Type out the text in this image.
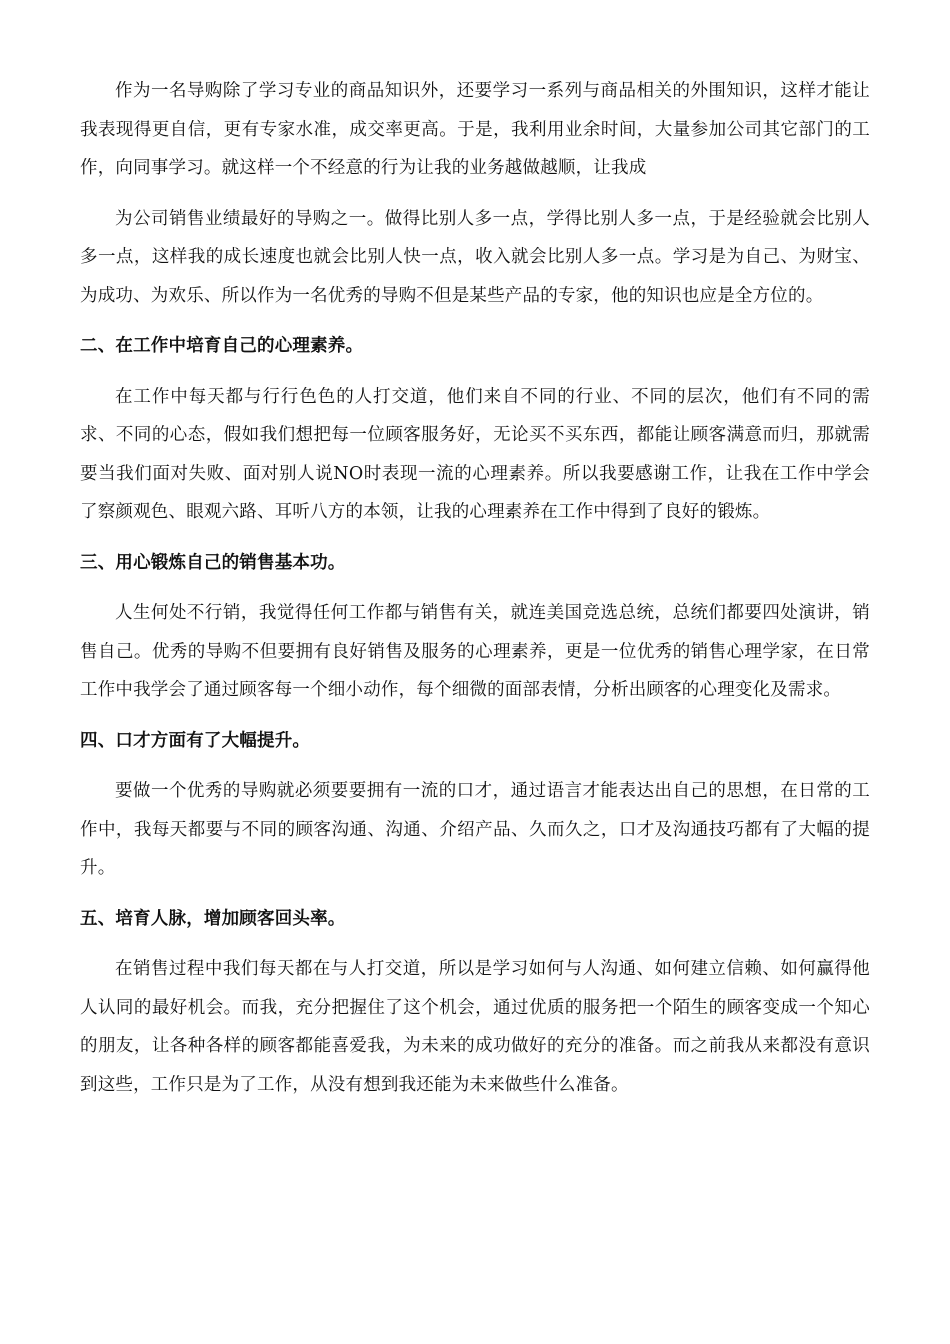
作为一名导购除了学习专业的商品知识外，还要学习一系列与商品相关的外围知识，这样才能让我表现得更自信，更有专家水准，成交率更高。于是，我利用业余时间，大量参加公司其它部门的工作，向同事学习。就这样一个不经意的行为让我的业务越做越顺，让我成

为公司销售业绩最好的导购之一。做得比别人多一点，学得比别人多一点，于是经验就会比别人多一点，这样我的成长速度也就会比别人快一点，收入就会比别人多一点。学习是为自己、为财宝、为成功、为欢乐、所以作为一名优秀的导购不但是某些产品的专家，他的知识也应是全方位的。

二、在工作中培育自己的心理素养。

在工作中每天都与行行色色的人打交道，他们来自不同的行业、不同的层次，他们有不同的需求、不同的心态，假如我们想把每一位顾客服务好，无论买不买东西，都能让顾客满意而归，那就需要当我们面对失败、面对别人说NO时表现一流的心理素养。所以我要感谢工作，让我在工作中学会了察颜观色、眼观六路、耳听八方的本领，让我的心理素养在工作中得到了良好的锻炼。

三、用心锻炼自己的销售基本功。

人生何处不行销，我觉得任何工作都与销售有关，就连美国竞选总统，总统们都要四处演讲，销售自己。优秀的导购不但要拥有良好销售及服务的心理素养，更是一位优秀的销售心理学家，在日常工作中我学会了通过顾客每一个细小动作，每个细微的面部表情，分析出顾客的心理变化及需求。

四、口才方面有了大幅提升。

要做一个优秀的导购就必须要要拥有一流的口才，通过语言才能表达出自己的思想，在日常的工作中，我每天都要与不同的顾客沟通、沟通、介绍产品、久而久之，口才及沟通技巧都有了大幅的提升。

五、培育人脉，增加顾客回头率。

在销售过程中我们每天都在与人打交道，所以是学习如何与人沟通、如何建立信赖、如何赢得他人认同的最好机会。而我，充分把握住了这个机会，通过优质的服务把一个陌生的顾客变成一个知心的朋友，让各种各样的顾客都能喜爱我，为未来的成功做好的充分的准备。而之前我从来都没有意识到这些，工作只是为了工作，从没有想到我还能为未来做些什么准备。
